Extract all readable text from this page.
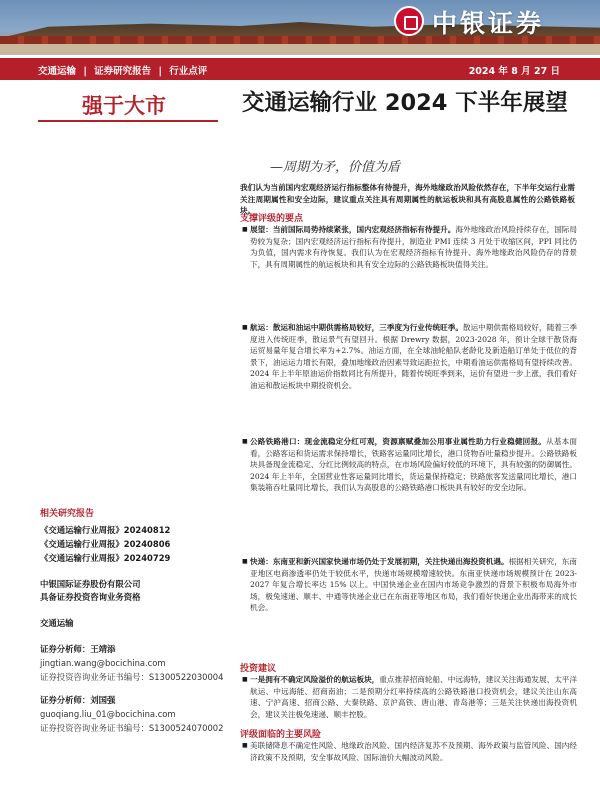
中银证券
交通运输 | 证券研究报告 | 行业点评	2024 年 8 月 27 日
强于大市	交通运输行业 2024 下半年展望
—周期为矛，价值为盾
相关研究报告
《交通运输行业周报》20240812
《交通运输行业周报》20240806
《交通运输行业周报》20240729
中银国际证券股份有限公司
具备证券投资咨询业务资格
交通运输
证券分析师：王靖添
jingtian.wang@bocichina.com
证券投资咨询业务证书编号：S1300522030004
证券分析师：刘国强
guoqiang.liu_01@bocichina.com
证券投资咨询业务证书编号：S1300524070002
我们认为当前国内宏观经济运行指标整体有待提升，海外地缘政治风险依然存在，下半年交运行业需关注周期属性和安全边际，建议重点关注具有周期属性的航运板块和具有高股息属性的公路铁路板块。
支撑评级的要点
■ 展望：当前国际局势持续紧张，国内宏观经济指标有待提升。海外地缘政治风险持续存在，国际局势较为复杂；国内宏观经济运行指标有待提升，制造业 PMI 连续 3 月处于收缩区间，PPI 同比仍为负值，国内需求有待恢复。我们认为在宏观经济指标有待提升、海外地缘政治风险仍存的背景下，具有周期属性的航运板块和具有安全边际的公路铁路板块值得关注。
■ 航运：散运和油运中期供需格局较好，三季度为行业传统旺季。散运中期供需格局较好，随着三季度进入传统旺季，散运景气有望回升。根据 Drewry 数据，2023-2028 年，预计全球干散货海运贸易量年复合增长率为+2.7%。油运方面，在全球油轮船队老龄化及新造船订单处于低位的背景下，油运运力增长有限，叠加地缘政治因素导致运距拉长，中期看油运供需格局有望持续改善。2024 年上半年原油运价指数同比有所提升，随着传统旺季到来，运价有望进一步上涨，我们看好油运和散运板块中期投资机会。
■ 公路铁路港口：现金流稳定分红可观，资源禀赋叠加公用事业属性助力行业稳健回报。从基本面看，公路客运和货运需求保持增长，铁路客运量同比增长，港口货物吞吐量稳步提升。公路铁路板块具备现金流稳定、分红比例较高的特点，在市场风险偏好较低的环境下，具有较强的防御属性。2024 年上半年，全国营业性客运量同比增长，货运量保持稳定；铁路旅客发送量同比增长，港口集装箱吞吐量同比增长，我们认为高股息的公路铁路港口板块具有较好的安全边际。
■ 快递：东南亚和新兴国家快递市场仍处于发展初期，关注快递出海投资机遇。根据相关研究，东南亚地区电商渗透率仍处于较低水平，快递市场规模增速较快。东南亚快递市场规模预计在 2023-2027 年复合增长率达 15% 以上。中国快递企业在国内市场竞争激烈的背景下积极布局海外市场，极兔速递、顺丰、中通等快递企业已在东南亚等地区布局，我们看好快递企业出海带来的成长机会。
投资建议
■ 一是拥有不确定风险溢价的航运板块，重点推荐招商轮船、中远海特，建议关注海通发展、太平洋航运、中远海能、招商南油；二是预期分红率持续高的公路铁路港口投资机会，建议关注山东高速、宁沪高速、招商公路、大秦铁路、京沪高铁、唐山港、青岛港等；三是关注快递出海投资机会，建议关注极兔速递、顺丰控股。
评级面临的主要风险
■ 美联储降息不确定性风险、地缘政治风险、国内经济复苏不及预期、海外政策与监管风险、国内经济政策不及预期，安全事故风险、国际油价大幅波动风险。
